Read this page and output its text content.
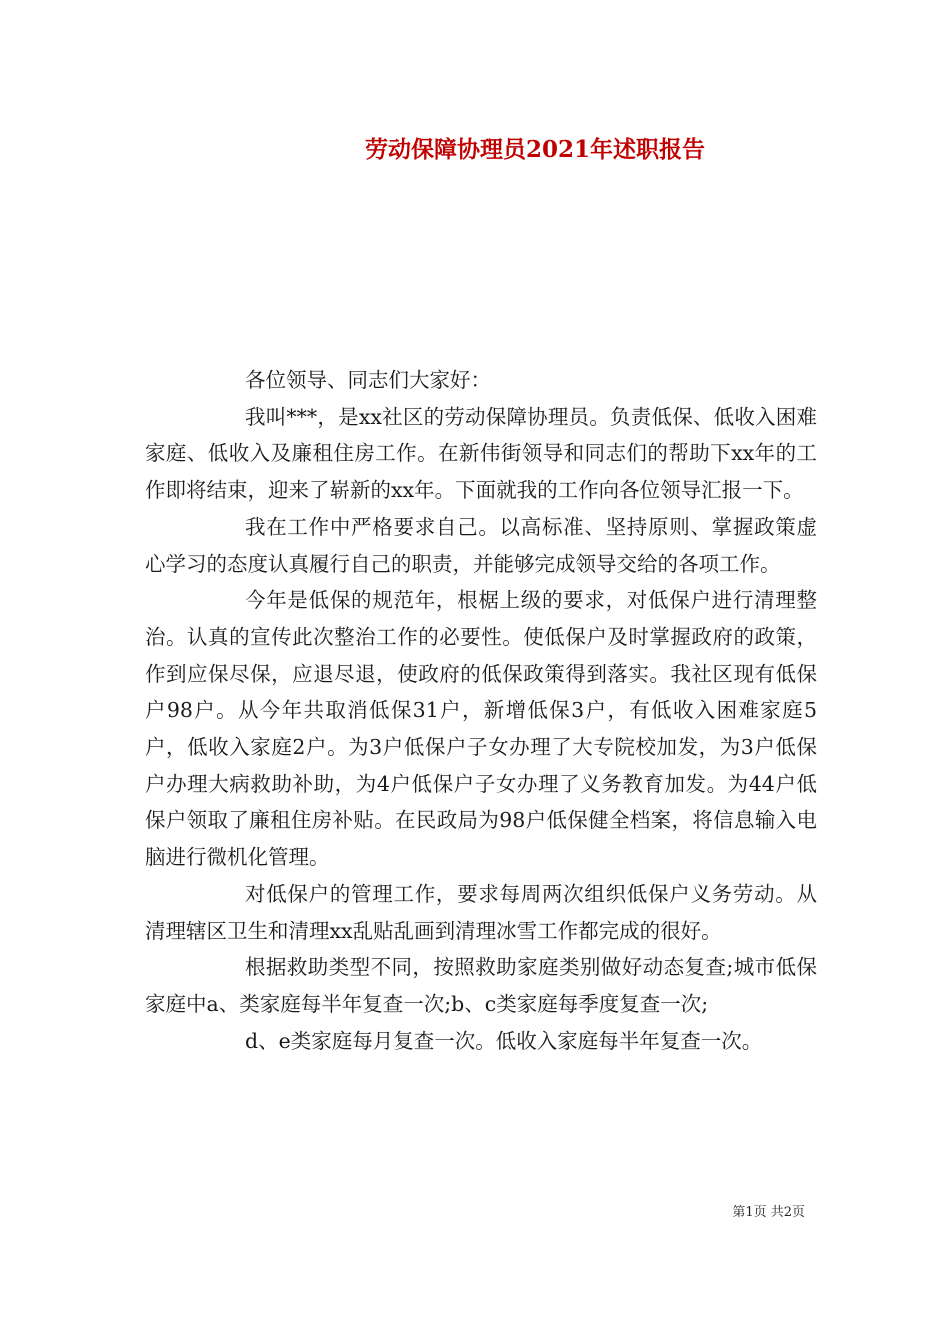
劳动保障协理员2021年述职报告

各位领导、同志们大家好：

我叫***，是xx社区的劳动保障协理员。负责低保、低收入困难家庭、低收入及廉租住房工作。在新伟街领导和同志们的帮助下xx年的工作即将结束，迎来了崭新的xx年。下面就我的工作向各位领导汇报一下。

我在工作中严格要求自己。以高标准、坚持原则、掌握政策虚心学习的态度认真履行自己的职责，并能够完成领导交给的各项工作。

今年是低保的规范年，根椐上级的要求，对低保户进行清理整治。认真的宣传此次整治工作的必要性。使低保户及时掌握政府的政策，作到应保尽保，应退尽退，使政府的低保政策得到落实。我社区现有低保户98户。从今年共取消低保31户，新增低保3户，有低收入困难家庭5户，低收入家庭2户。为3户低保户子女办理了大专院校加发，为3户低保户办理大病救助补助，为4户低保户子女办理了义务教育加发。为44户低保户领取了廉租住房补贴。在民政局为98户低保健全档案，将信息输入电脑进行微机化管理。

对低保户的管理工作，要求每周两次组织低保户义务劳动。从清理辖区卫生和清理xx乱贴乱画到清理冰雪工作都完成的很好。

根据救助类型不同，按照救助家庭类别做好动态复查;城市低保家庭中a、类家庭每半年复查一次;b、c类家庭每季度复查一次;

d、e类家庭每月复查一次。低收入家庭每半年复查一次。

第1页 共2页
